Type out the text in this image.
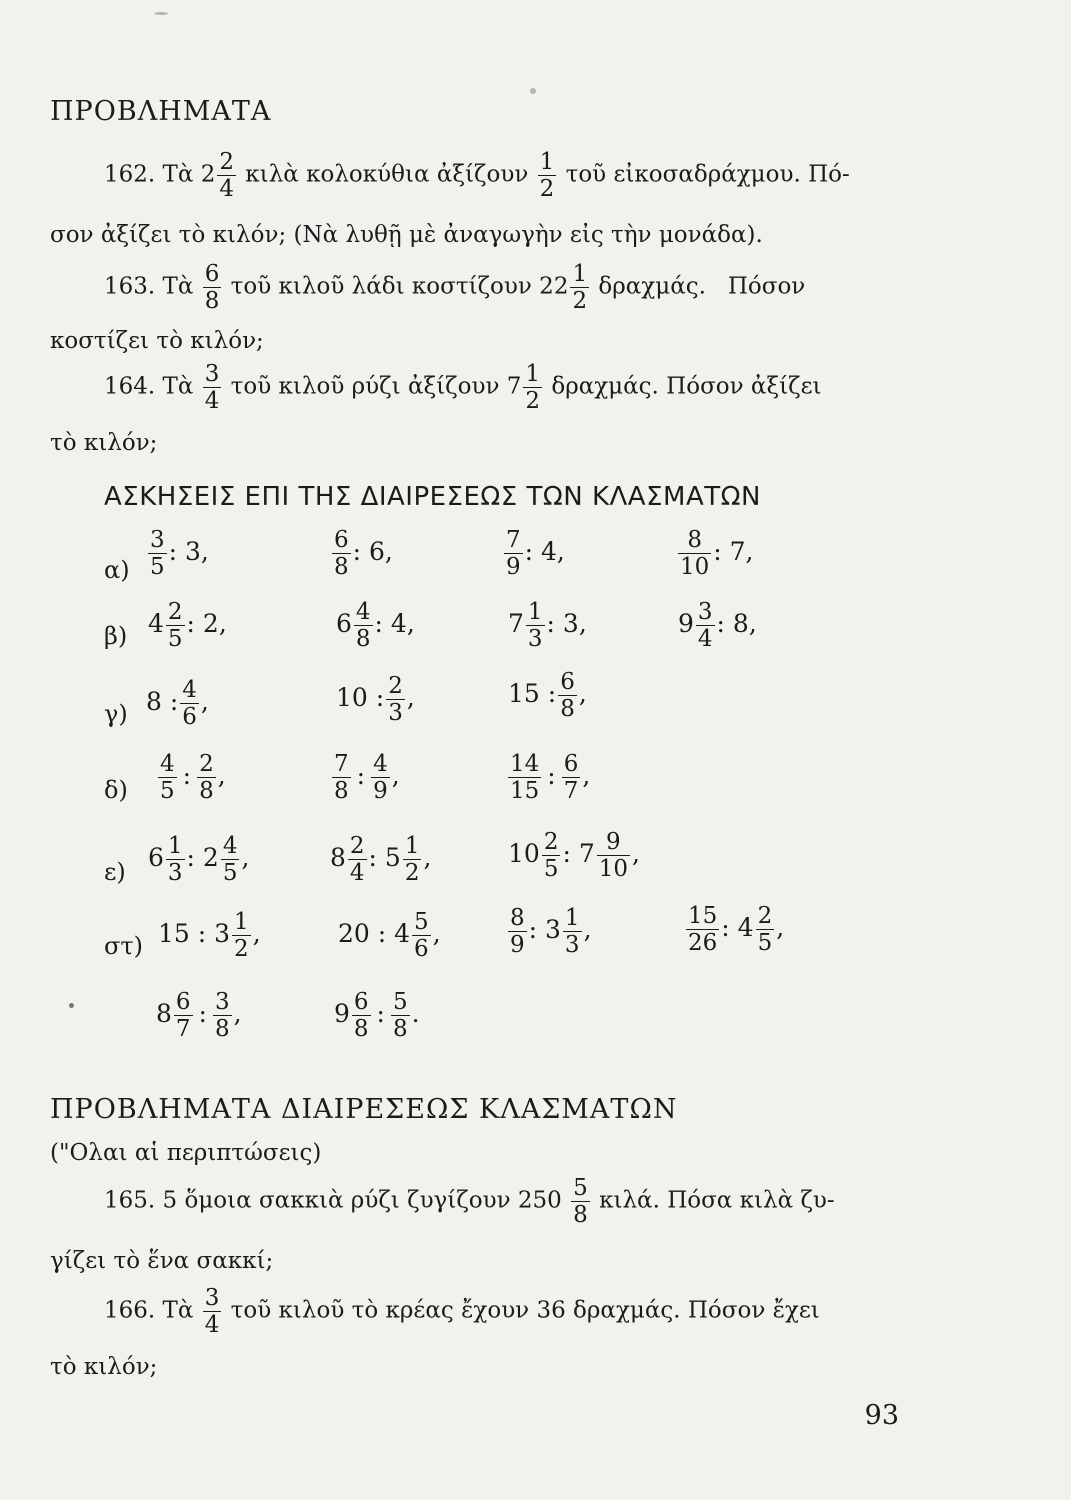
ΠΡΟΒΛΗΜΑΤΑ
162. Τὰ $2 \frac{2}{4}$ κιλὰ κολοκύθια ἀξίζουν $\frac{1}{2}$ τοῦ εἰκοσαδράχμου. Πό-
σον ἀξίζει τὸ κιλόν; (Νὰ λυθῇ μὲ ἀναγωγὴν εἰς τὴν μονάδα).
163. Τὰ $\frac{6}{8}$ τοῦ κιλοῦ λάδι κοστίζουν $22 \frac{1}{2} \delta\rho\alpha\chi\mu ά\varsigma$.   Πόσον
κοστίζει τὸ κιλόν;
164. Τὰ $\frac{3}{4}$ τοῦ κιλοῦ ρύζι ἀξίζουν $7 \frac{1}{2} \delta\rho\alpha\chi\mu ά\varsigma$. Πόσον ἀξίζει
τὸ κιλόν;
ΑΣΚΗΣΕΙΣ ΕΠΙ ΤΗΣ ΔΙΑΙΡΕΣΕΩΣ ΤΩΝ ΚΛΑΣΜΑΤΩΝ
$\alpha) \frac{3}{5}$ : 3,	$\frac{6}{8}$ : 6,	$\frac{7}{9}$ : 4,	$\frac{8}{10}$ : 7,
β) $4 \frac{2}{5}$ : 2,	$6 \frac{4}{8}$ : 4,	$7 \frac{1}{3}$ : 3,	$9 \frac{3}{4}$ : 8,
γ) 8 : $\frac{4}{6}$ ,	10 : $\frac{2}{3}$ ,	15 : $\frac{6}{8}$ ,
$\delta) \frac{4}{5}$ : $\frac{2}{8}$ ,	$\frac{7}{8}$ : $\frac{4}{9}$ ,	$\frac{14}{15}$ : $\frac{6}{7}$ ,
ε) $6 \frac{1}{3}$ : $2 \frac{4}{5}$ ,	$8 \frac{2}{4}$ : $5 \frac{1}{2}$ ,	$10 \frac{2}{5}$ : $7 \frac{9}{10}$ ,
στ) 15 : $3 \frac{1}{2}$ ,	20 : $4 \frac{5}{6}$ ,	$\frac{8}{9}$ : $3 \frac{1}{3}$ ,	$\frac{15}{26}$ : $4 \frac{2}{5}$ ,
$8 \frac{6}{7}$ : $\frac{3}{8}$ ,	$9 \frac{6}{8}$ : $\frac{5}{8}$ .
ΠΡΟΒΛΗΜΑΤΑ ΔΙΑΙΡΕΣΕΩΣ ΚΛΑΣΜΑΤΩΝ
("Ολαι αἱ περιπτώσεις)
165. 5 ὅμοια σακκιὰ ρύζι ζυγίζουν $250 \frac{5}{8} \kappa\iota\lambda ά$. Πόσα κιλὰ ζυ-
γίζει τὸ ἕνα σακκί;
166. Τὰ $\frac{3}{4}$ τοῦ κιλοῦ τὸ κρέας ἔχουν 36 δραχμάς. Πόσον ἔχει
τὸ κιλόν;
93
